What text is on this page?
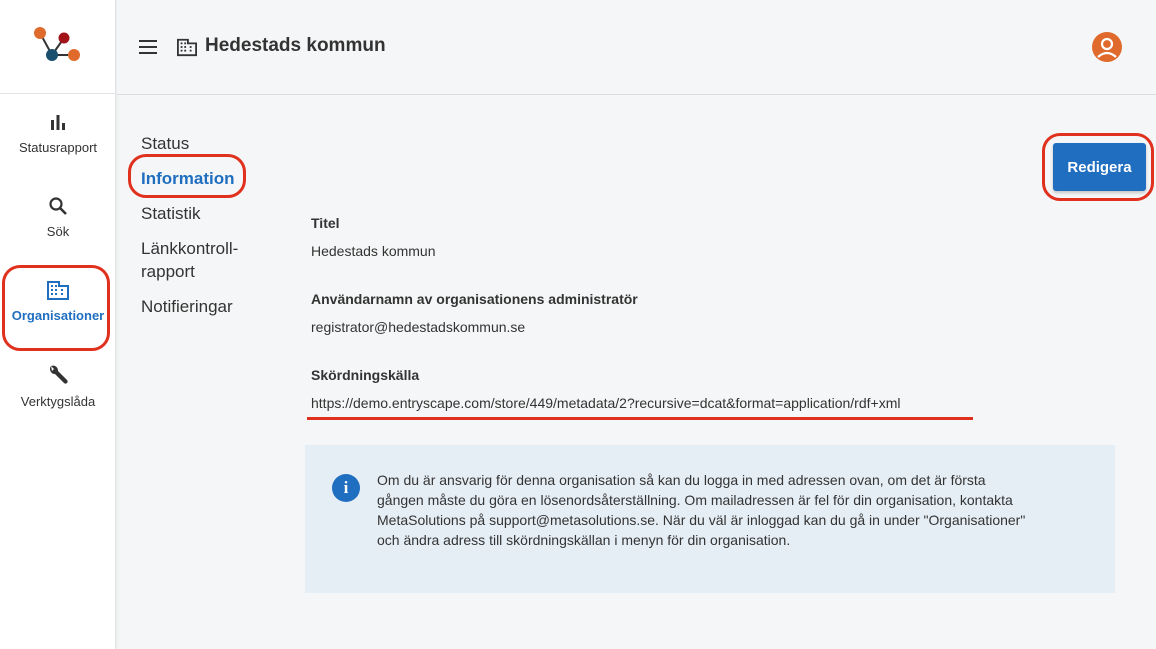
Statusrapport
Sök
Organisationer
Verktygslåda
Hedestads kommun
Status
Information
Statistik
Länkkontroll-
rapport
Notifieringar
Redigera
Titel
Hedestads kommun
Användarnamn av organisationens administratör
registrator@hedestadskommun.se
Skördningskälla
https://demo.entryscape.com/store/449/metadata/2?recursive=dcat&format=application/rdf+xml
i	Om du är ansvarig för denna organisation så kan du logga in med adressen ovan, om det är första gången måste du göra en lösenordsåterställning. Om mailadressen är fel för din organisation, kontakta MetaSolutions på support@metasolutions.se. När du väl är inloggad kan du gå in under "Organisationer" och ändra adress till skördningskällan i menyn för din organisation.
